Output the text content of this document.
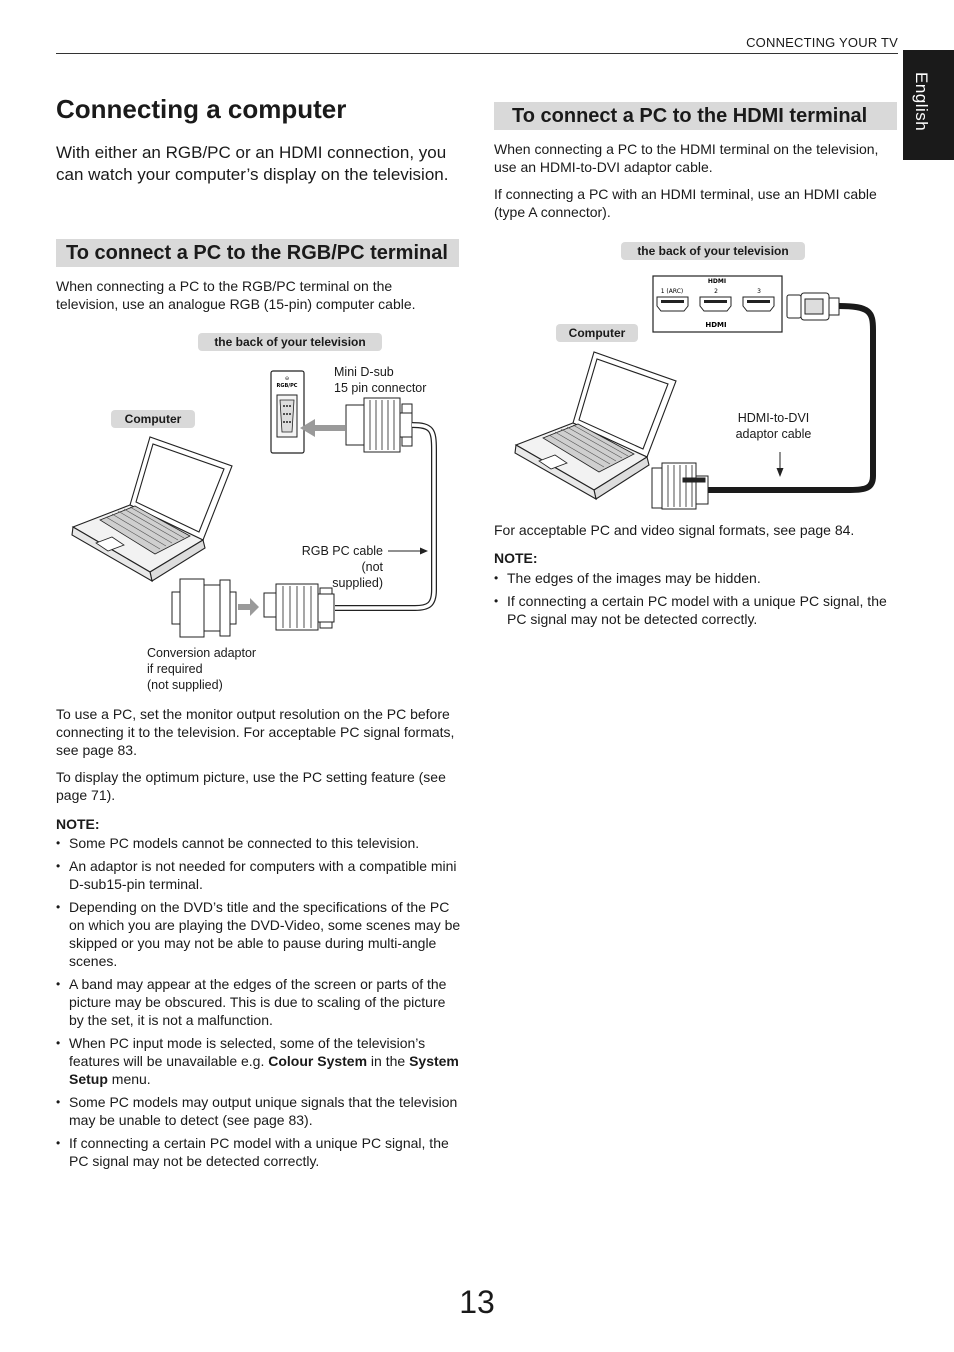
CONNECTING YOUR TV
English
Connecting a computer

With either an RGB/PC or an HDMI connection, you can watch your computer’s display on the television.

To connect a PC to the RGB/PC terminal

When connecting a PC to the RGB/PC terminal on the television, use an analogue RGB (15-pin) computer cable.

the back of your television
Computer
Mini D-sub
15 pin connector
RGB PC cable (not
supplied)
Conversion adaptor
if required
(not supplied)
⊖
RGB/PC

To use a PC, set the monitor output resolution on the PC before connecting it to the television. For acceptable PC signal formats, see page 83.

To display the optimum picture, use the PC setting feature (see page 71).

NOTE:

• Some PC models cannot be connected to this television.
• An adaptor is not needed for computers with a compatible mini D-sub15-pin terminal.
• Depending on the DVD’s title and the specifications of the PC on which you are playing the DVD-Video, some scenes may be skipped or you may not be able to pause during multi-angle scenes.
• A band may appear at the edges of the screen or parts of the picture may be obscured. This is due to scaling of the picture by the set, it is not a malfunction.
• When PC input mode is selected, some of the television’s features will be unavailable e.g. Colour System in the System Setup menu.
• Some PC models may output unique signals that the television may be unable to detect (see page 83).
• If connecting a certain PC model with a unique PC signal, the PC signal may not be detected correctly.
To connect a PC to the HDMI terminal

When connecting a PC to the HDMI terminal on the television, use an HDMI-to-DVI adaptor cable.

If connecting a PC with an HDMI terminal, use an HDMI cable (type A connector).

the back of your television
Computer
HDMI-to-DVI
adaptor cable
HDMI
1 (ARC)	2	3
HDMI

For acceptable PC and video signal formats, see page 84.

NOTE:

• The edges of the images may be hidden.
• If connecting a certain PC model with a unique PC signal, the PC signal may not be detected correctly.
13
